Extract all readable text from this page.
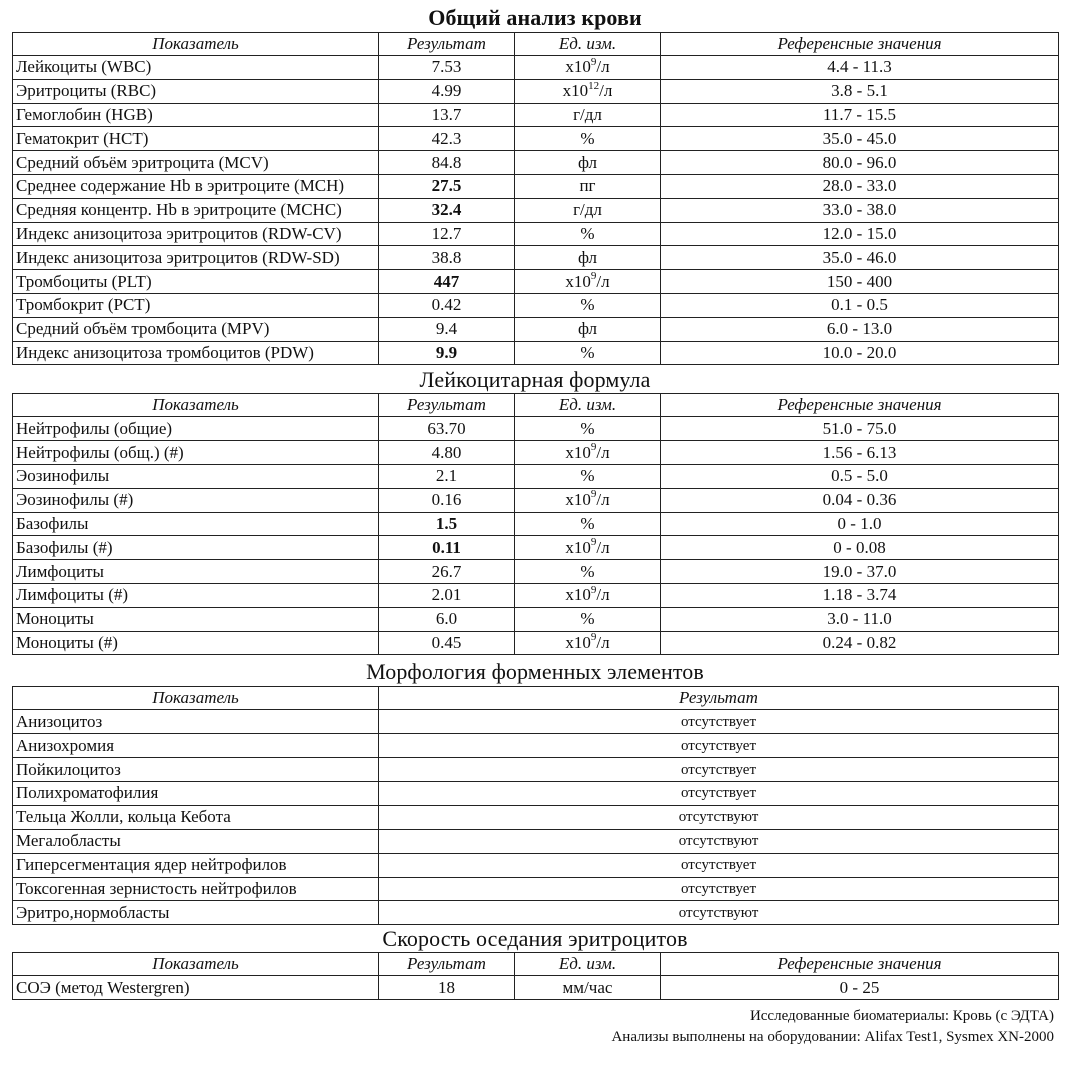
Общий анализ крови
Показатель	Результат	Ед. изм.	Референсные значения
Лейкоциты (WBC)	7.53	$x10^9/л$	4.4 - 11.3
Эритроциты (RBC)	4.99	$x10^{12}/л$	3.8 - 5.1
Гемоглобин (HGB)	13.7	г/дл	11.7 - 15.5
Гематокрит (HCT)	42.3	%	35.0 - 45.0
Средний объём эритроцита (MCV)	84.8	фл	80.0 - 96.0
Среднее содержание Hb в эритроците (MCH)	27.5	пг	28.0 - 33.0
Средняя концентр. Hb в эритроците (MCHC)	32.4	г/дл	33.0 - 38.0
Индекс анизоцитоза эритроцитов (RDW-CV)	12.7	%	12.0 - 15.0
Индекс анизоцитоза эритроцитов (RDW-SD)	38.8	фл	35.0 - 46.0
Тромбоциты (PLT)	447	$x10^9/л$	150 - 400
Тромбокрит (PCT)	0.42	%	0.1 - 0.5
Средний объём тромбоцита (MPV)	9.4	фл	6.0 - 13.0
Индекс анизоцитоза тромбоцитов (PDW)	9.9	%	10.0 - 20.0
Лейкоцитарная формула
Показатель	Результат	Ед. изм.	Референсные значения
Нейтрофилы (общие)	63.70	%	51.0 - 75.0
Нейтрофилы (общ.) (#)	4.80	$x10^9/л$	1.56 - 6.13
Эозинофилы	2.1	%	0.5 - 5.0
Эозинофилы (#)	0.16	$x10^9/л$	0.04 - 0.36
Базофилы	1.5	%	0 - 1.0
Базофилы (#)	0.11	$x10^9/л$	0 - 0.08
Лимфоциты	26.7	%	19.0 - 37.0
Лимфоциты (#)	2.01	$x10^9/л$	1.18 - 3.74
Моноциты	6.0	%	3.0 - 11.0
Моноциты (#)	0.45	$x10^9/л$	0.24 - 0.82
Морфология форменных элементов
Показатель	Результат
Анизоцитоз	отсутствует
Анизохромия	отсутствует
Пойкилоцитоз	отсутствует
Полихроматофилия	отсутствует
Тельца Жолли, кольца Кебота	отсутствуют
Мегалобласты	отсутствуют
Гиперсегментация ядер нейтрофилов	отсутствует
Токсогенная зернистость нейтрофилов	отсутствует
Эритро,нормобласты	отсутствуют
Скорость оседания эритроцитов
Показатель	Результат	Ед. изм.	Референсные значения
СОЭ (метод Westergren)	18	мм/час	0 - 25
Исследованные биоматериалы: Кровь (с ЭДТА)
Анализы выполнены на оборудовании: Alifax Test1, Sysmex XN-2000
